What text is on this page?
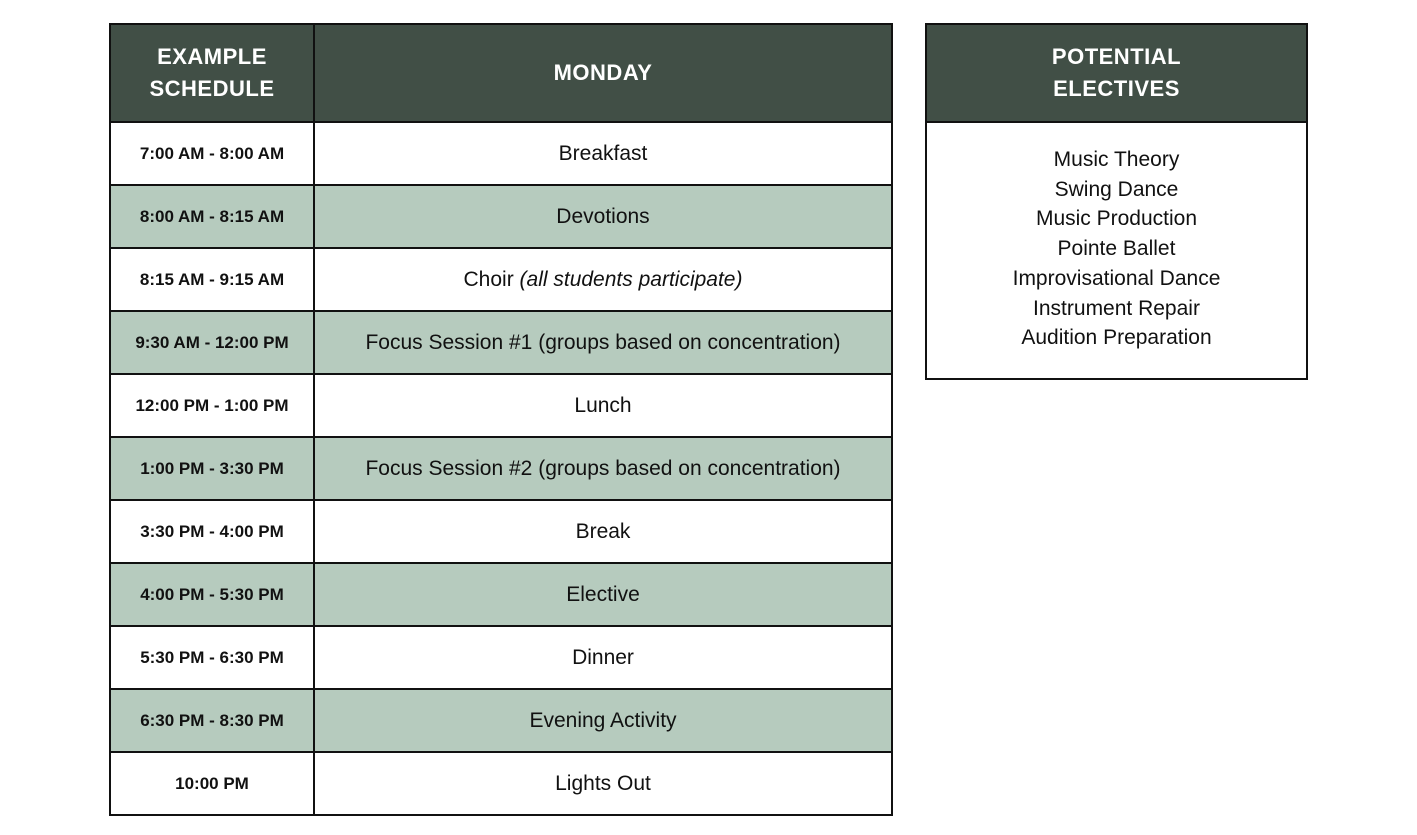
EXAMPLE
SCHEDULE	MONDAY
7:00 AM - 8:00 AM	Breakfast
8:00 AM - 8:15 AM	Devotions
8:15 AM - 9:15 AM	Choir (all students participate)
9:30 AM - 12:00 PM	Focus Session #1 (groups based on concentration)
12:00 PM - 1:00 PM	Lunch
1:00 PM - 3:30 PM	Focus Session #2 (groups based on concentration)
3:30 PM - 4:00 PM	Break
4:00 PM - 5:30 PM	Elective
5:30 PM - 6:30 PM	Dinner
6:30 PM - 8:30 PM	Evening Activity
10:00 PM	Lights Out
POTENTIAL
ELECTIVES
Music Theory
Swing Dance
Music Production
Pointe Ballet
Improvisational Dance
Instrument Repair
Audition Preparation
